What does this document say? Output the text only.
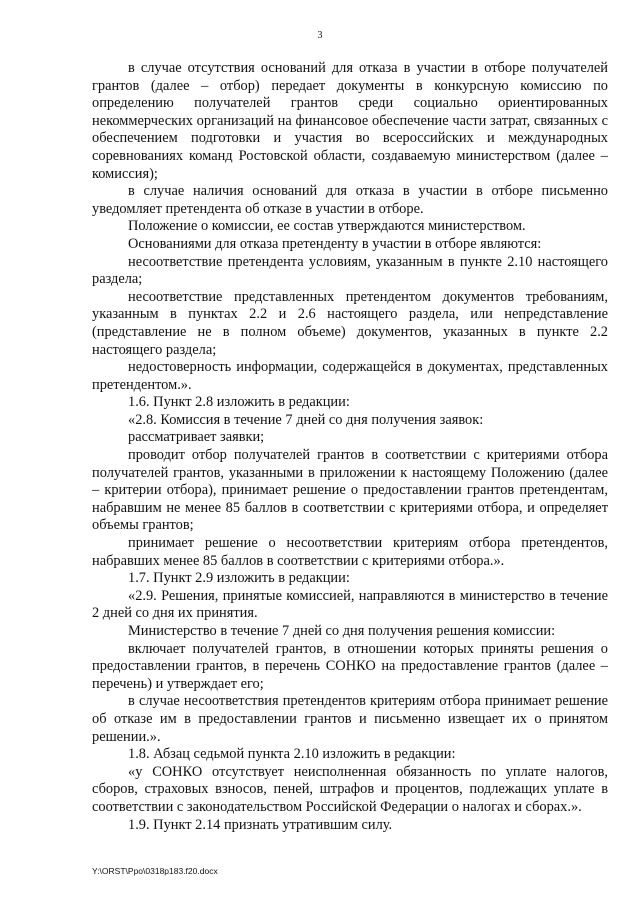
3

в случае отсутствия оснований для отказа в участии в отборе получателей грантов (далее – отбор) передает документы в конкурсную комиссию по определению получателей грантов среди социально ориентированных некоммерческих организаций на финансовое обеспечение части затрат, связанных с обеспечением подготовки и участия во всероссийских и международных соревнованиях команд Ростовской области, создаваемую министерством (далее – комиссия);

в случае наличия оснований для отказа в участии в отборе письменно уведомляет претендента об отказе в участии в отборе.

Положение о комиссии, ее состав утверждаются министерством.

Основаниями для отказа претенденту в участии в отборе являются:

несоответствие претендента условиям, указанным в пункте 2.10 настоящего раздела;

несоответствие представленных претендентом документов требованиям, указанным в пунктах 2.2 и 2.6 настоящего раздела, или непредставление (представление не в полном объеме) документов, указанных в пункте 2.2 настоящего раздела;

недостоверность информации, содержащейся в документах, представленных претендентом.».

1.6. Пункт 2.8 изложить в редакции:

«2.8. Комиссия в течение 7 дней со дня получения заявок:

рассматривает заявки;

проводит отбор получателей грантов в соответствии с критериями отбора получателей грантов, указанными в приложении к настоящему Положению (далее – критерии отбора), принимает решение о предоставлении грантов претендентам, набравшим не менее 85 баллов в соответствии с критериями отбора, и определяет объемы грантов;

принимает решение о несоответствии критериям отбора претендентов, набравших менее 85 баллов в соответствии с критериями отбора.».

1.7. Пункт 2.9 изложить в редакции:

«2.9. Решения, принятые комиссией, направляются в министерство в течение 2 дней со дня их принятия.

Министерство в течение 7 дней со дня получения решения комиссии:

включает получателей грантов, в отношении которых приняты решения о предоставлении грантов, в перечень СОНКО на предоставление грантов (далее – перечень) и утверждает его;

в случае несоответствия претендентов критериям отбора принимает решение об отказе им в предоставлении грантов и письменно извещает их о принятом решении.».

1.8. Абзац седьмой пункта 2.10 изложить в редакции:

«у СОНКО отсутствует неисполненная обязанность по уплате налогов, сборов, страховых взносов, пеней, штрафов и процентов, подлежащих уплате в соответствии с законодательством Российской Федерации о налогах и сборах.».

1.9. Пункт 2.14 признать утратившим силу.

Y:\ORST\Ppo\0318p183.f20.docx
